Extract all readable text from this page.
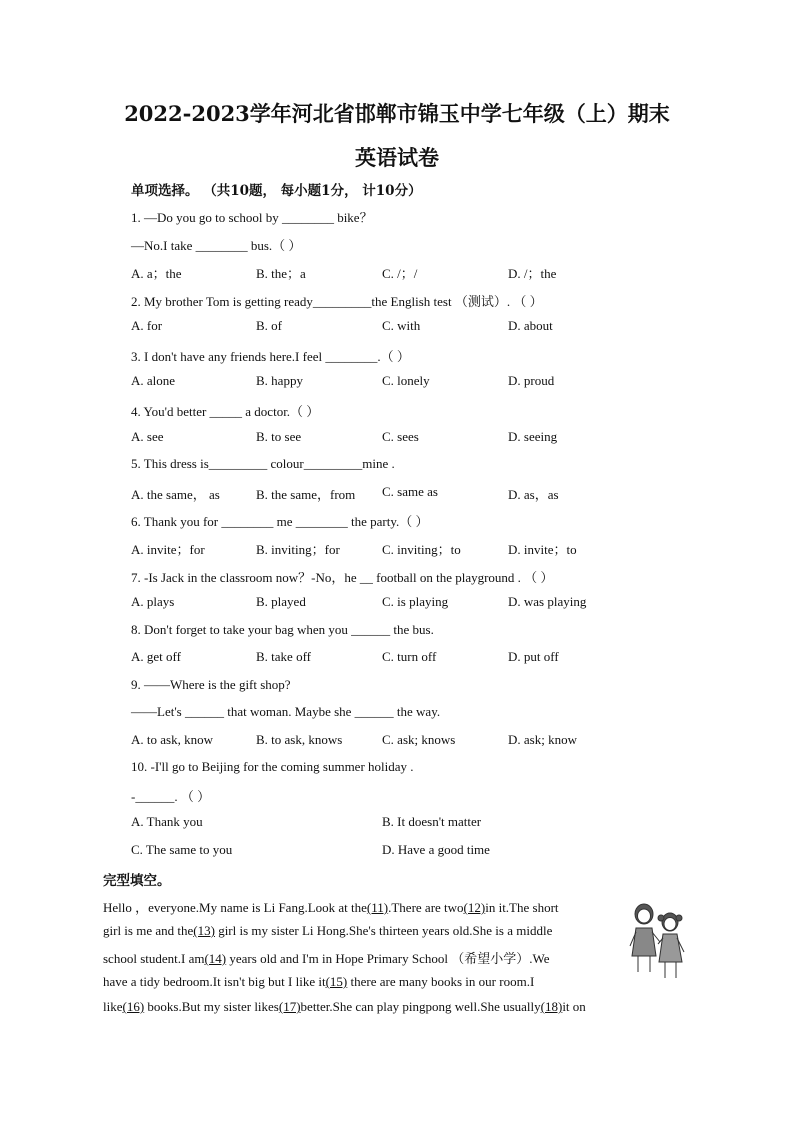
2022-2023学年河北省邯郸市锦玉中学七年级（上）期末
英语试卷
单项选择。 （共10题， 每小题1分， 计10分）
1. —Do you go to school by ________ bike？
—No.I take ________ bus.（ ）
A. a；the	B. the；a	C. /；/	D. /；the
2. My brother Tom is getting ready_________the English test （测试）. （ ）
A. for	B. of	C. with	D. about
3. I don't have any friends here.I feel ________.（ ）
A. alone	B. happy	C. lonely	D. proud
4. You'd better _____ a doctor.（ ）
A. see	B. to see	C. sees	D. seeing
5. This dress is_________ colour_________mine .
A. the same， as	B. the same，from C. same as	D. as，as
6. Thank you for ________ me ________ the party.（ ）
A. invite；for	B. inviting；for	C. inviting；to	D. invite；to
7. -Is Jack in the classroom now？-No，he __ football on the playground . （ ）
A. plays	B. played	C. is playing	D. was playing
8. Don't forget to take your bag when you ______ the bus.
A. get off	B. take off	C. turn off	D. put off
9. ——Where is the gift shop?
——Let's ______ that woman. Maybe she ______ the way.
A. to ask, know	B. to ask, knows	C. ask; knows	D. ask; know
10. -I'll go to Beijing for the coming summer holiday .
-______. （ ）
A. Thank you	B. It doesn't matter
C. The same to you	D. Have a good time
完型填空。
Hello ，everyone.My name is Li Fang.Look at the(11).There are two(12)in it.The short
girl is me and the(13) girl is my sister Li Hong.She's thirteen years old.She is a middle
school student.I am(14) years old and I'm in Hope Primary School （希望小学）.We
have a tidy bedroom.It isn't big but I like it(15) there are many books in our room.I
like(16) books.But my sister likes(17)better.She can play pingpong well.She usually(18)it on
